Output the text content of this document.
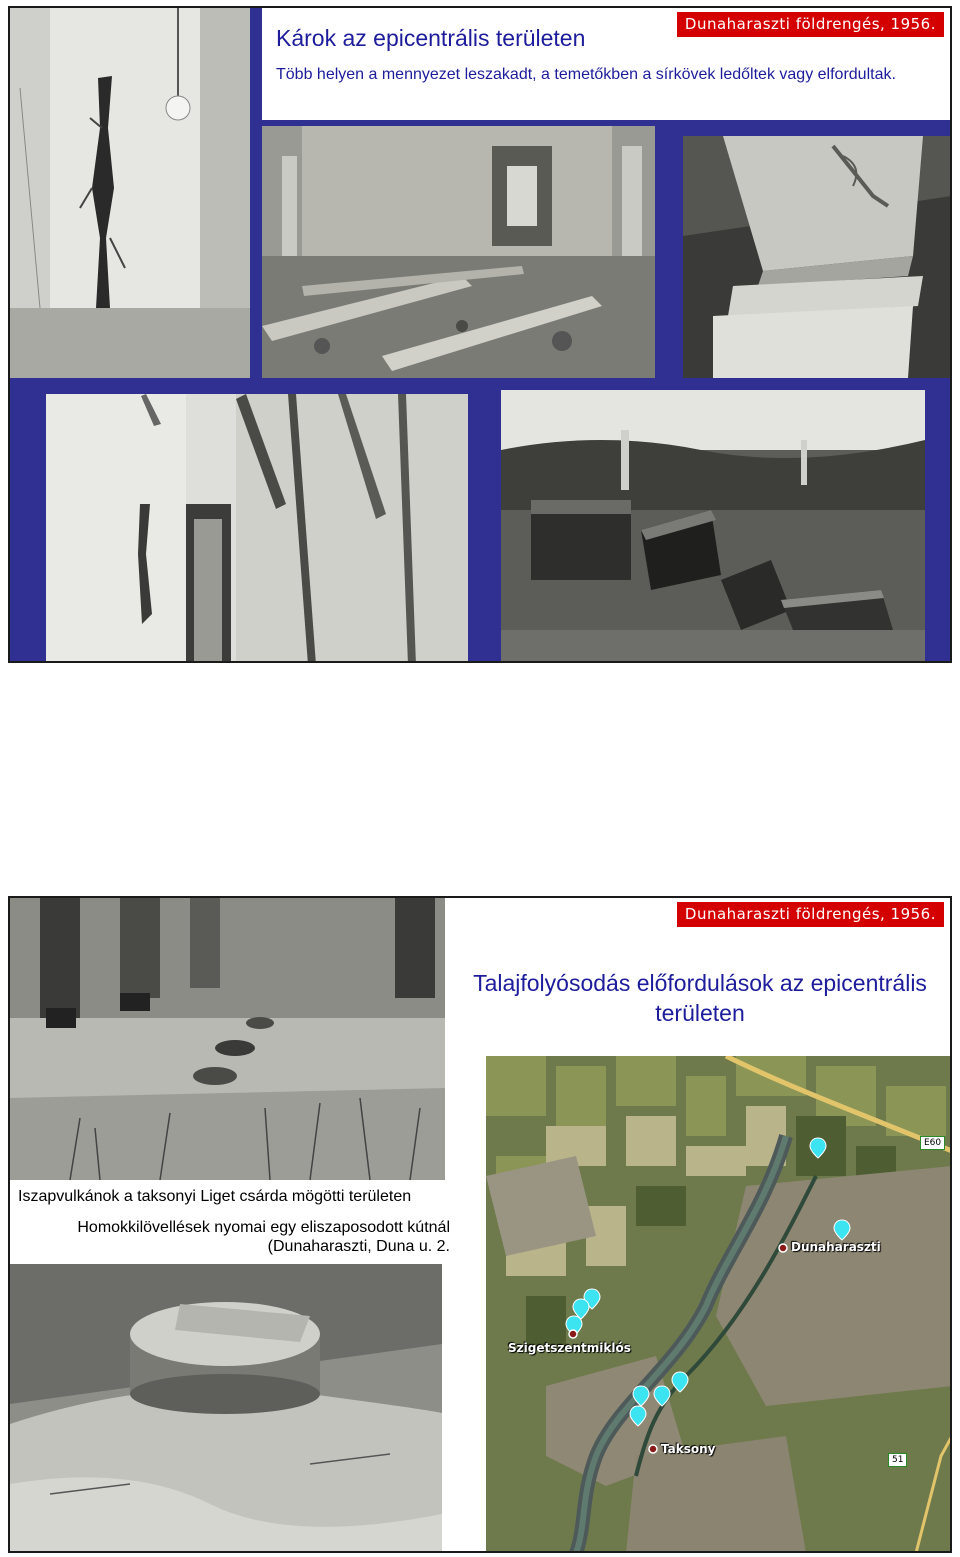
Dunaharaszti földrengés, 1956.
Károk az epicentrális területen
Több helyen a mennyezet leszakadt, a temetőkben a sírkövek ledőltek vagy elfordultak.
Dunaharaszti földrengés, 1956.
Talajfolyósodás előfordulások az epicentrális területen
Iszapvulkánok a taksonyi Liget csárda mögötti területen
Homokkilövellések nyomai egy eliszaposodott kútnál (Dunaharaszti, Duna u. 2.	Dunaharaszti
Szigetszentmiklós
Taksony
E60
51
